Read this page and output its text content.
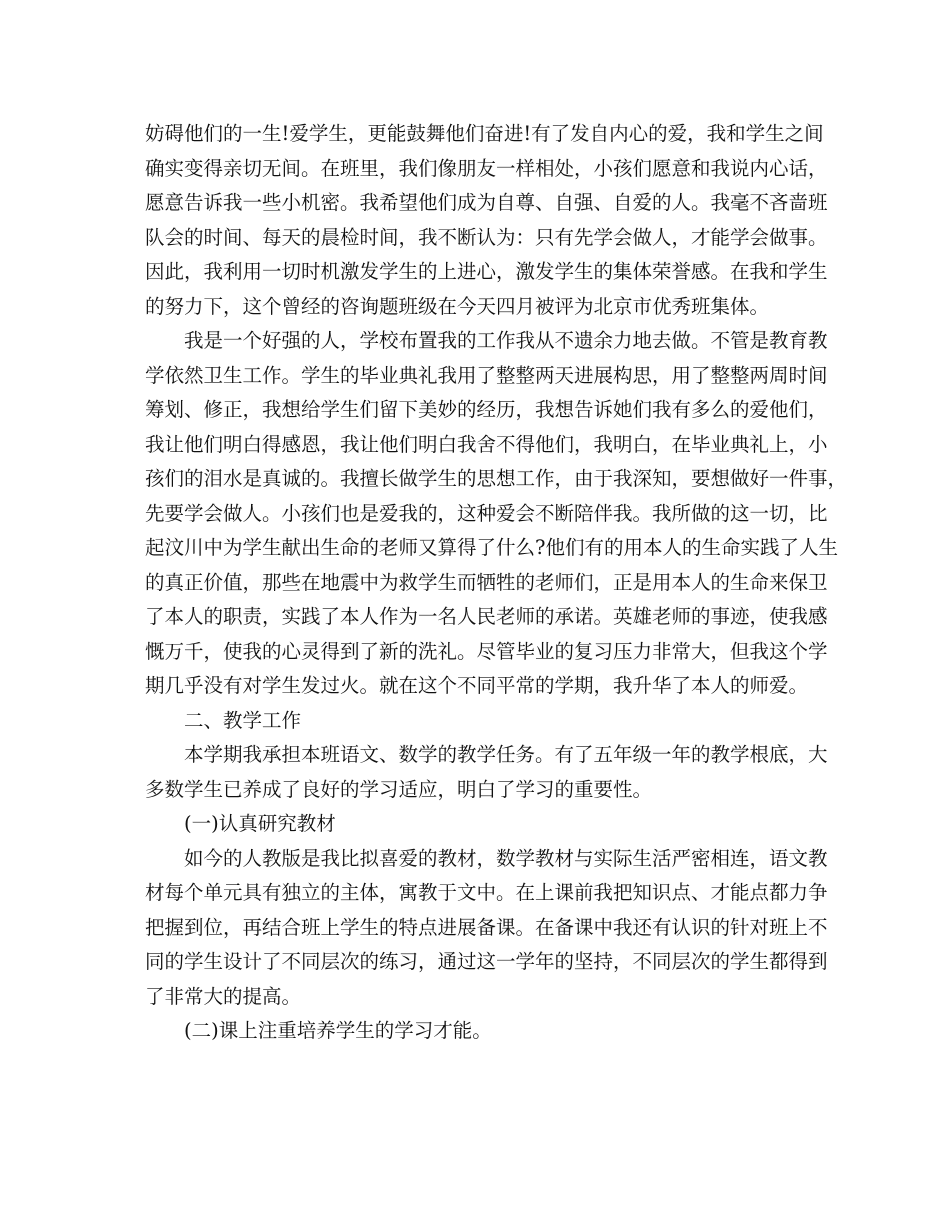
妨碍他们的一生!爱学生，更能鼓舞他们奋进!有了发自内心的爱，我和学生之间
确实变得亲切无间。在班里，我们像朋友一样相处，小孩们愿意和我说内心话，
愿意告诉我一些小机密。我希望他们成为自尊、自强、自爱的人。我毫不吝啬班
队会的时间、每天的晨检时间，我不断认为：只有先学会做人，才能学会做事。
因此，我利用一切时机激发学生的上进心，激发学生的集体荣誉感。在我和学生
的努力下，这个曾经的咨询题班级在今天四月被评为北京市优秀班集体。
我是一个好强的人，学校布置我的工作我从不遗余力地去做。不管是教育教
学依然卫生工作。学生的毕业典礼我用了整整两天进展构思，用了整整两周时间
筹划、修正，我想给学生们留下美妙的经历，我想告诉她们我有多么的爱他们，
我让他们明白得感恩，我让他们明白我舍不得他们，我明白，在毕业典礼上，小
孩们的泪水是真诚的。我擅长做学生的思想工作，由于我深知，要想做好一件事，
先要学会做人。小孩们也是爱我的，这种爱会不断陪伴我。我所做的这一切，比
起汶川中为学生献出生命的老师又算得了什么?他们有的用本人的生命实践了人生
的真正价值，那些在地震中为救学生而牺牲的老师们，正是用本人的生命来保卫
了本人的职责，实践了本人作为一名人民老师的承诺。英雄老师的事迹，使我感
慨万千，使我的心灵得到了新的洗礼。尽管毕业的复习压力非常大，但我这个学
期几乎没有对学生发过火。就在这个不同平常的学期，我升华了本人的师爱。
二、教学工作
本学期我承担本班语文、数学的教学任务。有了五年级一年的教学根底，大
多数学生已养成了良好的学习适应，明白了学习的重要性。
(一)认真研究教材
如今的人教版是我比拟喜爱的教材，数学教材与实际生活严密相连，语文教
材每个单元具有独立的主体，寓教于文中。在上课前我把知识点、才能点都力争
把握到位，再结合班上学生的特点进展备课。在备课中我还有认识的针对班上不
同的学生设计了不同层次的练习，通过这一学年的坚持，不同层次的学生都得到
了非常大的提高。
(二)课上注重培养学生的学习才能。
